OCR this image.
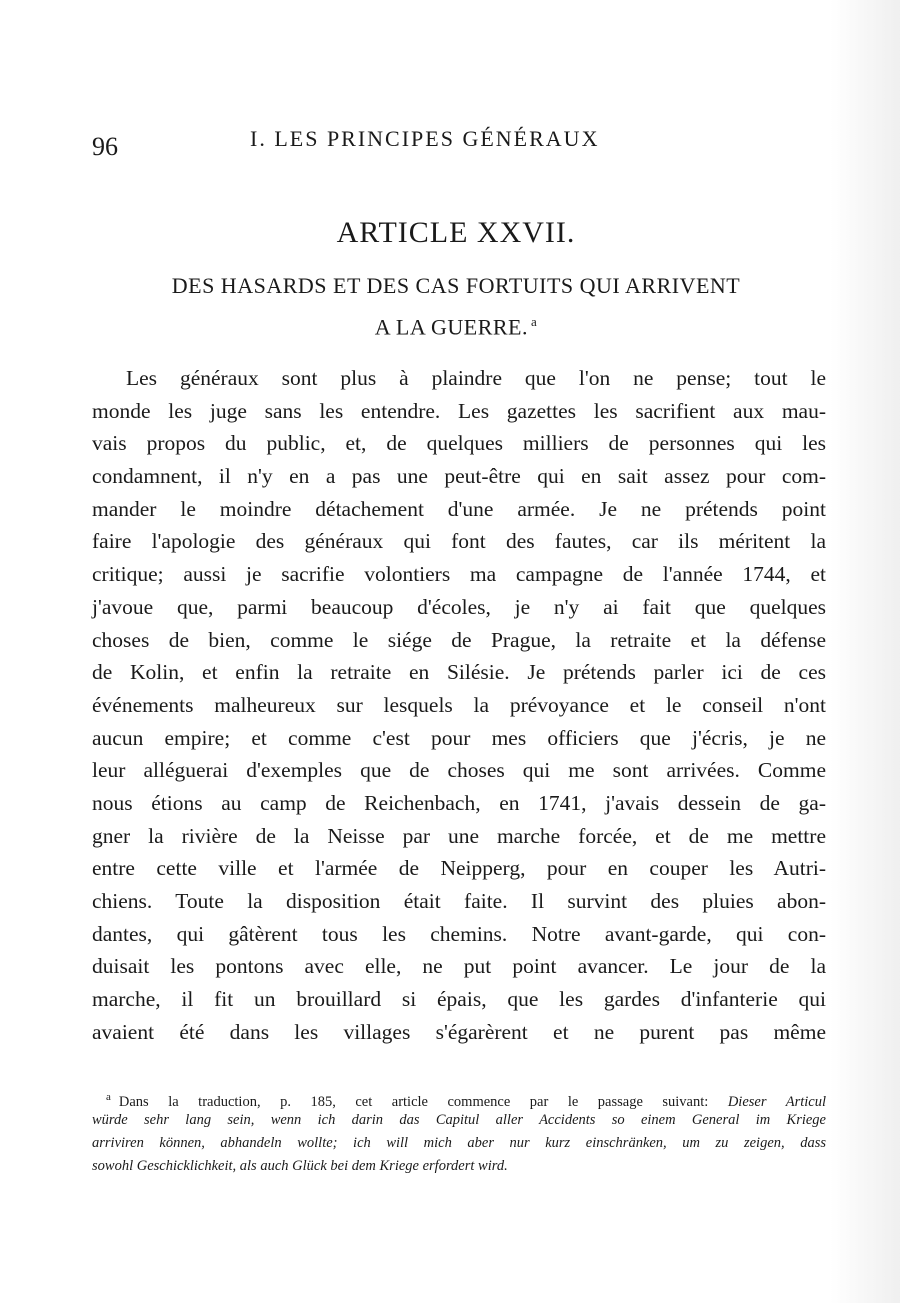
96	I. LES PRINCIPES GÉNÉRAUX
ARTICLE XXVII.
DES HASARDS ET DES CAS FORTUITS QUI ARRIVENT
A LA GUERRE. $^a$
Les généraux sont plus à plaindre que l'on ne pense; tout le
monde les juge sans les entendre. Les gazettes les sacrifient aux mau-
vais propos du public, et, de quelques milliers de personnes qui les
condamnent, il n'y en a pas une peut-être qui en sait assez pour com-
mander le moindre détachement d'une armée. Je ne prétends point
faire l'apologie des généraux qui font des fautes, car ils méritent la
critique; aussi je sacrifie volontiers ma campagne de l'année 1744, et
j'avoue que, parmi beaucoup d'écoles, je n'y ai fait que quelques
choses de bien, comme le siége de Prague, la retraite et la défense
de Kolin, et enfin la retraite en Silésie. Je prétends parler ici de ces
événements malheureux sur lesquels la prévoyance et le conseil n'ont
aucun empire; et comme c'est pour mes officiers que j'écris, je ne
leur alléguerai d'exemples que de choses qui me sont arrivées. Comme
nous étions au camp de Reichenbach, en 1741, j'avais dessein de ga-
gner la rivière de la Neisse par une marche forcée, et de me mettre
entre cette ville et l'armée de Neipperg, pour en couper les Autri-
chiens. Toute la disposition était faite. Il survint des pluies abon-
dantes, qui gâtèrent tous les chemins. Notre avant-garde, qui con-
duisait les pontons avec elle, ne put point avancer. Le jour de la
marche, il fit un brouillard si épais, que les gardes d'infanterie qui
avaient été dans les villages s'égarèrent et ne purent pas même
$^a$ Dans la traduction, p. 185, cet article commence par le passage suivant: Dieser Articul
würde sehr lang sein, wenn ich darin das Capitul aller Accidents so einem General im Kriege
arriviren können, abhandeln wollte; ich will mich aber nur kurz einschränken, um zu zeigen, dass
sowohl Geschicklichkeit, als auch Glück bei dem Kriege erfordert wird.
